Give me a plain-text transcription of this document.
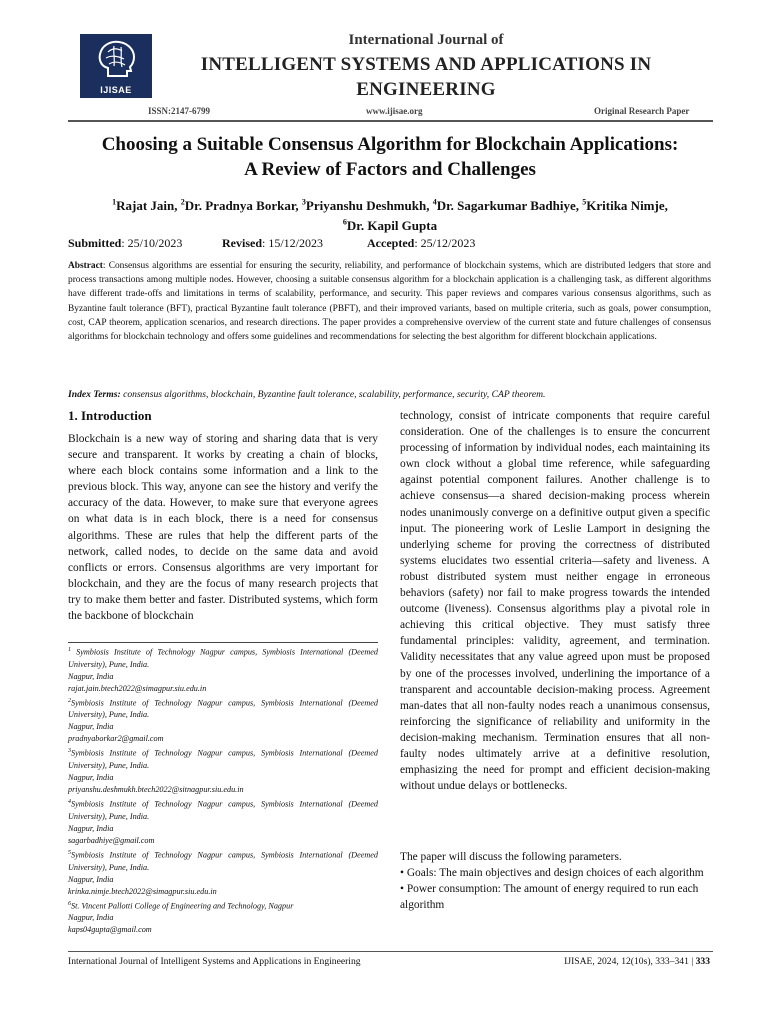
IJISAE
International Journal of
INTELLIGENT SYSTEMS AND APPLICATIONS IN
ENGINEERING
ISSN:2147-6799	www.ijisae.org	Original Research Paper
Choosing a Suitable Consensus Algorithm for Blockchain Applications:
A Review of Factors and Challenges
$^1$Rajat Jain, $^2$Dr. Pradnya Borkar, $^3$Priyanshu Deshmukh, $^4$Dr. Sagarkumar Badhiye, $^5$Kritika Nimje,
$^6$Dr. Kapil Gupta
Submitted: 25/10/2023	Revised: 15/12/2023	Accepted: 25/12/2023
Abstract: Consensus algorithms are essential for ensuring the security, reliability, and performance of blockchain systems, which are distributed ledgers that store and process transactions among multiple nodes. However, choosing a suitable consensus algorithm for a blockchain application is a challenging task, as different algorithms have different trade-offs and limitations in terms of scalability, performance, and security. This paper reviews and compares various consensus algorithms, such as Byzantine fault tolerance (BFT), practical Byzantine fault tolerance (PBFT), and their improved variants, based on multiple criteria, such as goals, power consumption, cost, CAP theorem, application scenarios, and research directions. The paper provides a comprehensive overview of the current state and future challenges of consensus algorithms for blockchain technology and offers some guidelines and recommendations for selecting the best algorithm for different blockchain applications.
Index Terms: consensus algorithms, blockchain, Byzantine fault tolerance, scalability, performance, security, CAP theorem.
1. Introduction
Blockchain is a new way of storing and sharing data that is very secure and transparent. It works by creating a chain of blocks, where each block contains some information and a link to the previous block. This way, anyone can see the history and verify the accuracy of the data. However, to make sure that everyone agrees on what data is in each block, there is a need for consensus algorithms. These are rules that help the different parts of the network, called nodes, to decide on the same data and avoid conflicts or errors. Consensus algorithms are very important for blockchain, and they are the focus of many research projects that try to make them better and faster. Distributed systems, which form the backbone of blockchain
$^1$ Symbiosis Institute of Technology Nagpur campus, Symbiosis International (Deemed University), Pune, India.
Nagpur, India
rajat.jain.btech2022@simagpur.siu.edu.in
$^2$Symbiosis Institute of Technology Nagpur campus, Symbiosis International (Deemed University), Pune, India.
Nagpur, India
pradnyaborkar2@gmail.com
$^3$Symbiosis Institute of Technology Nagpur campus, Symbiosis International (Deemed University), Pune, India.
Nagpur, India
priyanshu.deshmukh.btech2022@sitnagpur.siu.edu.in
$^4$Symbiosis Institute of Technology Nagpur campus, Symbiosis International (Deemed University), Pune, India.
Nagpur, India
sagarbadhiye@gmail.com
$^5$Symbiosis Institute of Technology Nagpur campus, Symbiosis International (Deemed University), Pune, India.
Nagpur, India
krinka.nimje.btech2022@simagpur.siu.edu.in
$^6$St. Vincent Pallotti College of Engineering and Technology, Nagpur
Nagpur, India
kaps04gupta@gmail.com
technology, consist of intricate components that require careful consideration. One of the challenges is to ensure the concurrent processing of information by individual nodes, each maintaining its own clock without a global time reference, while safeguarding against potential component failures. Another challenge is to achieve consensus—a shared decision-making process wherein nodes unanimously converge on a definitive output given a specific input. The pioneering work of Leslie Lamport in designing the underlying scheme for proving the correctness of distributed systems elucidates two essential criteria—safety and liveness. A robust distributed system must neither engage in erroneous behaviors (safety) nor fail to make progress towards the intended outcome (liveness). Consensus algorithms play a pivotal role in achieving this critical objective. They must satisfy three fundamental principles: validity, agreement, and termination. Validity necessitates that any value agreed upon must be proposed by one of the processes involved, underlining the importance of a transparent and accountable decision-making process. Agreement man-dates that all non-faulty nodes reach a unanimous consensus, reinforcing the significance of reliability and uniformity in the decision-making mechanism. Termination ensures that all non-faulty nodes ultimately arrive at a definitive resolution, emphasizing the need for prompt and efficient decision-making without undue delays or bottlenecks.
The paper will discuss the following parameters.
• Goals: The main objectives and design choices of each algorithm
• Power consumption: The amount of energy required to run each algorithm
International Journal of Intelligent Systems and Applications in Engineering	IJISAE, 2024, 12(10s), 333–341 | 333
